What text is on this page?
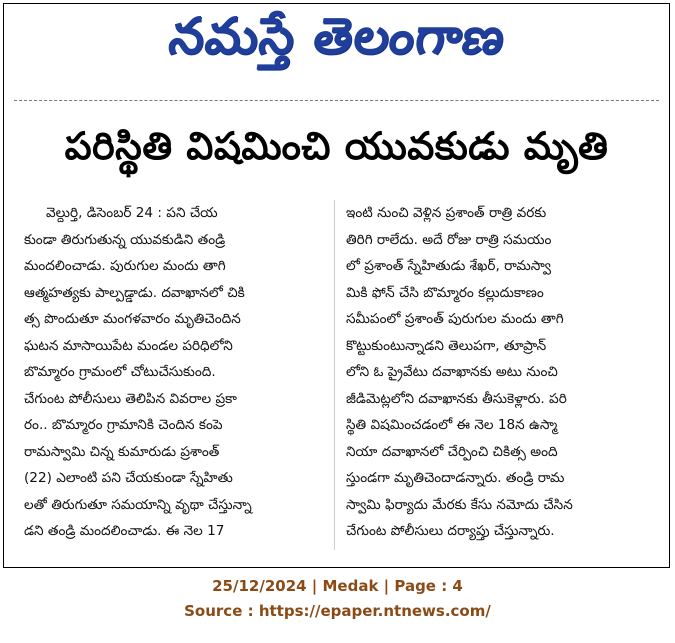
నమస్తే తెలంగాణ
పరిస్థితి విషమించి యువకుడు మృతి
వెల్దుర్తి, డిసెంబర్ 24 : పని చేయ
కుండా తిరుగుతున్న యువకుడిని తండ్రి
మందలించాడు. పురుగుల మందు తాగి
ఆత్మహత్యకు పాల్పడ్డాడు. దవాఖానలో చికి
త్స పొందుతూ మంగళవారం మృతిచెందిన
ఘటన మాసాయిపేట మండల పరిధిలోని
బొమ్మారం గ్రామంలో చోటుచేసుకుంది.
చేగుంట పోలీసులు తెలిపిన వివరాల ప్రకా
రం.. బొమ్మారం గ్రామానికి చెందిన కంపె
రామస్వామి చిన్న కుమారుడు ప్రశాంత్
(22) ఎలాంటి పని చేయకుండా స్నేహితు
లతో తిరుగుతూ సమయాన్ని వృథా చేస్తున్నా
డని తండ్రి మందలించాడు. ఈ నెల 17
ఇంటి నుంచి వెళ్లిన ప్రశాంత్ రాత్రి వరకు
తిరిగి రాలేదు. అదే రోజు రాత్రి సమయం
లో ప్రశాంత్ స్నేహితుడు శేఖర్, రామస్వా
మికి ఫోన్ చేసి బొమ్మారం కల్లుదుకాణం
సమీపంలో ప్రశాంత్ పురుగుల మందు తాగి
కొట్టుకుంటున్నాడని తెలుపగా, తూప్రాన్
లోని ఓ ప్రైవేటు దవాఖానకు అటు నుంచి
జీడిమెట్లలోని దవాఖానకు తీసుకెళ్లారు. పరి
స్థితి విషమించడంలో ఈ నెల 18న ఉస్మా
నియా దవాఖానలో చేర్పించి చికిత్స అంది
స్తుండగా మృతిచెందాడన్నారు. తండ్రి రామ
స్వామి ఫిర్యాదు మేరకు కేసు నమోదు చేసిన
చేగుంట పోలీసులు దర్యాప్తు చేస్తున్నారు.
25/12/2024 | Medak | Page : 4
Source : https://epaper.ntnews.com/
